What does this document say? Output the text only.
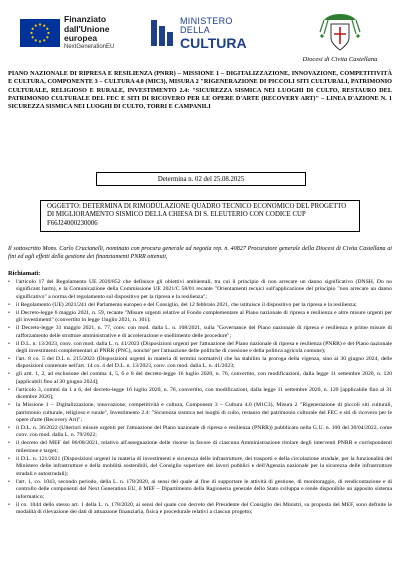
Finanziato
dall'Unione europea
NextGenerationEU
MINISTERO
DELLA
CULTURA
Diocesi di Civita Castellana
PIANO NAZIONALE DI RIPRESA E RESILIENZA (PNRR) – MISSIONE 1 – DIGITALIZZAZIONE, INNOVAZIONE, COMPETITIVITÀ E CULTURA, COMPONENTE 3 – CULTURA 4.0 (MIC3), MISURA 2 "RIGENERAZIONE DI PICCOLI SITI CULTURALI, PATRIMONIO CULTURALE, RELIGIOSO E RURALE, INVESTIMENTO 2.4: "SICUREZZA SISMICA NEI LUOGHI DI CULTO, RESTAURO DEL PATRIMONIO CULTURALE DEL FEC E SITI DI RICOVERO PER LE OPERE D'ARTE (RECOVERY ART)" – LINEA D'AZIONE N. 1 SICUREZZA SISMICA NEI LUOGHI DI CULTO, TORRI E CAMPANILI
Determina n. 02 del 25.08.2025
OGGETTO: DETERMINA DI RIMODULAZIONE QUADRO TECNICO ECONOMICO DEL PROGETTO DI MIGLIORAMENTO SISMICO DELLA CHIESA DI S. ELEUTERIO CON CODICE CUP F66J24000230006
Il sottoscritto Mons. Carlo Crucianelli, nominato con procura generale ad negotia rep. n. 40827 Procuratore generale della Diocesi di Civita Castellana ai fini ed agli effetti della gestione dei finanziamenti PNRR ottenuti,
Richiamati:
• l'articolo 17 del Regolamento UE 2020/852 che definisce gli obiettivi ambientali, tra cui il principio di non arrecare un danno significativo (DNSH, Do no significant harm), e la Comunicazione della Commissione UE 2021/C 58/01 recante "Orientamenti tecnici sull'applicazione del principio "non arrecare un danno significativo" a norma del regolamento sul dispositivo per la ripresa e la resilienza";
• il Regolamento (UE) 2021/241 del Parlamento europeo e del Consiglio, del 12 febbraio 2021, che istituisce il dispositivo per la ripresa e la resilienza;
• il Decreto-legge 6 maggio 2021, n. 59, recante "Misure urgenti relative al Fondo complementare al Piano nazionale di ripresa e resilienza e altre misure urgenti per gli investimenti" (convertito in legge 1luglio 2021, n. 101);
• il Decreto-legge 31 maggio 2021, n. 77, conv. con mod. dalla L. n. 108/2021, sulla "Governance del Piano nazionale di ripresa e resilienza e prime misure di rafforzamento delle strutture amministrative e di accelerazione e snellimento delle procedure";
• il D.L. n. 13/2023, conv. con mod. dalla L. n. 41/2023 (Disposizioni urgenti per l'attuazione del Piano nazionale di ripresa e resilienza (PNRR) e del Piano nazionale degli investimenti complementari al PNRR (PNC), nonché' per l'attuazione delle politiche di coesione e della politica agricola comune);
• l'art. 8 co. 5 del D.L n. 215/2023 (Disposizioni urgenti in materia di termini normativi) che ha stabilito la proroga della vigenza, sino al 30 giugno 2024, delle disposizioni contenute nell'art. 14 co. 4 del D.L. n. 13/2023, conv. con mod. dalla L. n. 41/2023;
• gli artt. 1, 2, ad esclusione del comma 4, 5, 6 e 8 del decreto-legge 16 luglio 2020, n. 76, convertito, con modificazioni, dalla legge 11 settembre 2020, n. 120 [applicabili fino al 30 giugno 2024];
• l'articolo 3, commi da 1 a 6, del decreto-legge 16 luglio 2020, n. 76, convertito, con modificazioni, dalla legge 11 settembre 2020, n. 120 [applicabile fino al 31 dicembre 2026];
• la Missione 1 – Digitalizzazione, innovazione, competitività e cultura, Component 3 – Cultura 4.0 (M1C3), Misura 2 "Rigenerazione di piccoli siti culturali, patrimonio culturale, religioso e rurale", Investimento 2.4: "Sicurezza sismica nei luoghi di culto, restauro del patrimonio culturale del FEC e siti di ricovero per le opere d'arte (Recovery Art)";
• il D.L. n. 36/2022 (Ulteriori misure urgenti per l'attuazione del Piano nazionale di ripresa e resilienza (PNRR)) pubblicato nella G.U. n. 100 del 30/04/2022, come conv. con mod. dalla L. n. 79/2022;
• il decreto del MEF del 06/08/2021, relativo all'assegnazione delle risorse in favore di ciascuna Amministrazione titolare degli interventi PNRR e corrispondenti milestone e target;
• il D.L. n. 121/2021 (Disposizioni urgenti in materia di investimenti e sicurezza delle infrastrutture, dei trasporti e della circolazione stradale, per la funzionalità del Ministero delle infrastrutture e della mobilità sostenibili, del Consiglio superiore dei lavori pubblici e dell'Agenzia nazionale per la sicurezza delle infrastrutture stradali e autostradali);
• l'art. 1, co. 1043, secondo periodo, della L. n. 178/2020, ai sensi del quale al fine di supportare le attività di gestione, di monitoraggio, di rendicontazione e di controllo delle componenti del Next Generation EU, il MEF – Dipartimento della Ragioneria generale dello Stato sviluppa e rende disponibile un apposito sistema informatico;
• il co. 1044 dello stesso art. 1 della L. n. 178/2020, ai sensi del quale con decreto del Presidente del Consiglio dei Ministri, su proposta del MEF, sono definite le modalità di rilevazione dei dati di attuazione finanziaria, fisica e procedurale relativi a ciascun progetto;
